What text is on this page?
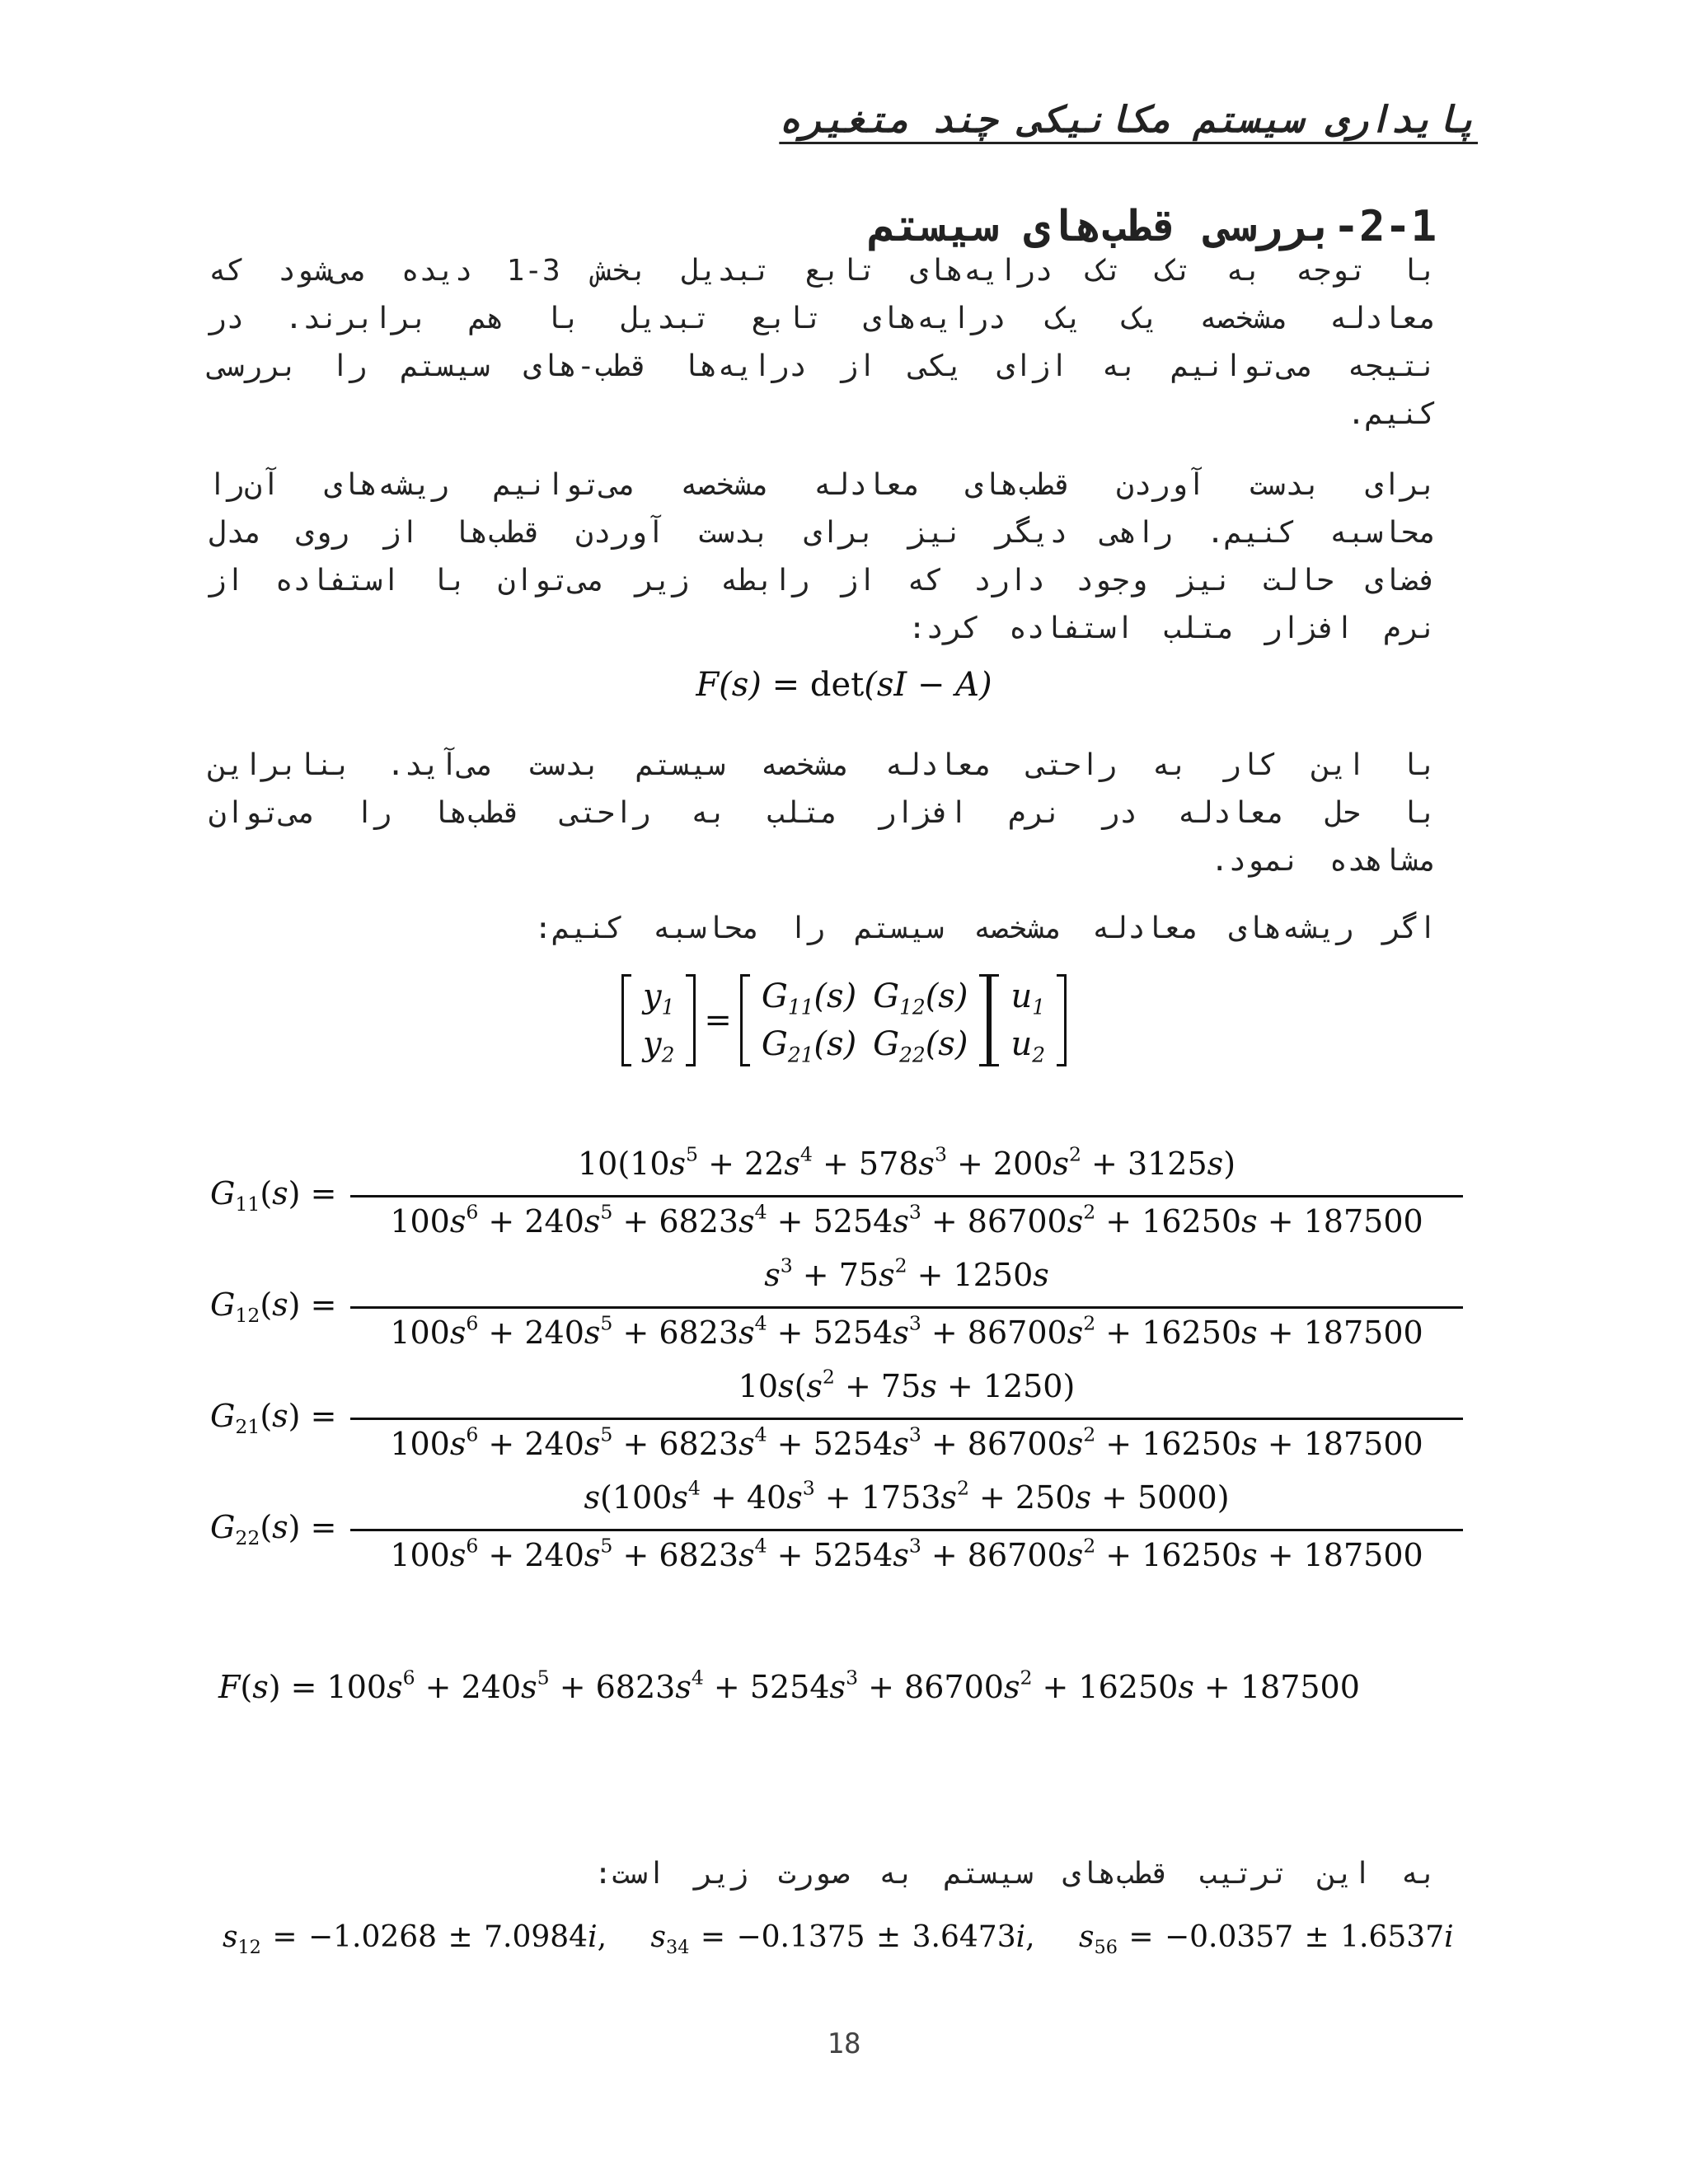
پایداری سیستم مکانیکی چند متغیره
2-1-بررسی قطب‌های سیستم
با توجه به تک تک درایه‌های تابع تبدیل بخش 3-1 دیده می‌شود که معادله مشخصه یک یک درایه‌های تابع تبدیل با هم برابرند. در نتیجه می‌توانیم به ازای یکی از درایه‌ها قطب-های سیستم را بررسی کنیم.
برای بدست آوردن قطب‌های معادله مشخصه می‌توانیم ریشه‌های آن‌را محاسبه کنیم. راهی دیگر نیز برای بدست آوردن قطب‌ها از روی مدل فضای حالت نیز وجود دارد که از رابطه زیر می‌توان با استفاده از نرم افزار متلب استفاده کرد:
F(s) = det(sI − A)
با این کار به راحتی معادله مشخصه سیستم بدست می‌آید. بنابراین با حل معادله در نرم افزار متلب به راحتی قطب‌ها را می‌توان مشاهده نمود.
اگر ریشه‌های معادله مشخصه سیستم را محاسبه کنیم:
$y_1$
$y_2$
=
$G_{11}(s)$	$G_{12}(s)$
$G_{21}(s)$	$G_{22}(s)$
$u_1$
$u_2$
$G_{11}(s)$ =
$10(10s^5 + 22s^4 + 578s^3 + 200s^2 + 3125s)$
$100s^6 + 240s^5 + 6823s^4 + 5254s^3 + 86700s^2 + 16250s + 187500$
$G_{12}(s)$ =
$s^3 + 75s^2 + 1250s$
$100s^6 + 240s^5 + 6823s^4 + 5254s^3 + 86700s^2 + 16250s + 187500$
$G_{21}(s)$ =
$10s(s^2 + 75s + 1250)$
$100s^6 + 240s^5 + 6823s^4 + 5254s^3 + 86700s^2 + 16250s + 187500$
$G_{22}(s)$ =
$s(100s^4 + 40s^3 + 1753s^2 + 250s + 5000)$
$100s^6 + 240s^5 + 6823s^4 + 5254s^3 + 86700s^2 + 16250s + 187500$
$F(s) = 100s^6 + 240s^5 + 6823s^4 + 5254s^3 + 86700s^2 + 16250s + 187500$
به این ترتیب قطب‌های سیستم به صورت زیر است:
$s_{12} = -1.0268 \pm 7.0984i$, $s_{34} = -0.1375 \pm 3.6473i$, $s_{56} = -0.0357 \pm 1.6537i$
18
